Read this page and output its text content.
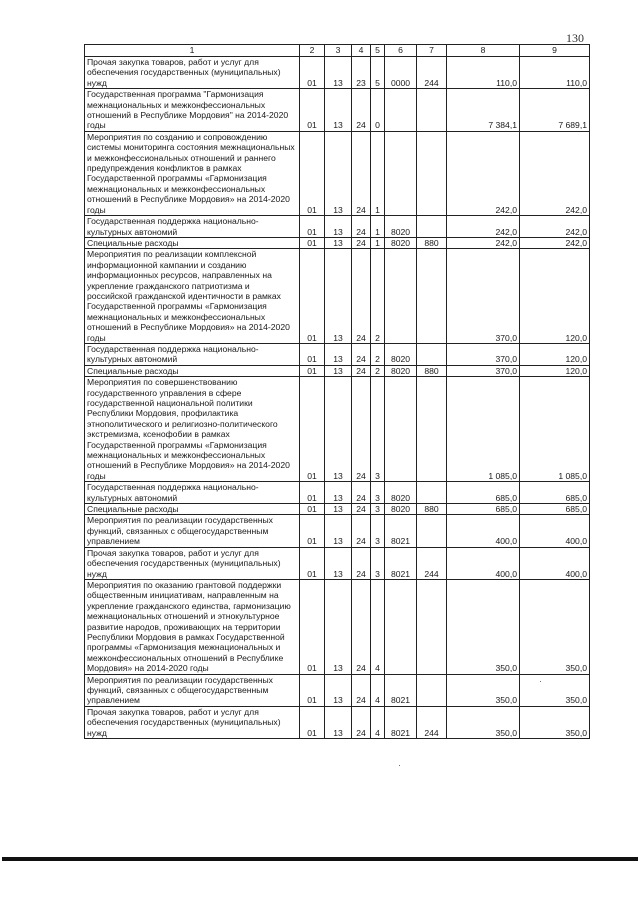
130
1	2	3	4	5	6	7	8	9
Прочая закупка товаров, работ и услуг для обеспечения государственных (муниципальных) нужд	01	13	23	5	0000	244	110,0	110,0
Государственная программа "Гармонизация межнациональных и межконфессиональных отношений в Республике Мордовия" на 2014-2020 годы	01	13	24	0			7 384,1	7 689,1
Мероприятия по созданию и сопровождению системы мониторинга состояния межнациональных и межконфессиональных отношений и раннего предупреждения конфликтов в рамках Государственной программы «Гармонизация межнациональных и межконфессиональных отношений в Республике Мордовия» на 2014-2020 годы	01	13	24	1			242,0	242,0
Государственная поддержка национально-культурных автономий	01	13	24	1	8020		242,0	242,0
Специальные расходы	01	13	24	1	8020	880	242,0	242,0
Мероприятия по реализации комплексной информационной кампании и созданию информационных ресурсов, направленных на укрепление гражданского патриотизма и российской гражданской идентичности в рамках Государственной программы «Гармонизация межнациональных и межконфессиональных отношений в Республике Мордовия» на 2014-2020 годы	01	13	24	2			370,0	120,0
Государственная поддержка национально-культурных автономий	01	13	24	2	8020		370,0	120,0
Специальные расходы	01	13	24	2	8020	880	370,0	120,0
Мероприятия по совершенствованию государственного управления в сфере государственной национальной политики Республики Мордовия, профилактика этнополитического и религиозно-политического экстремизма, ксенофобии в рамках Государственной программы «Гармонизация межнациональных и межконфессиональных отношений в Республике Мордовия» на 2014-2020 годы	01	13	24	3			1 085,0	1 085,0
Государственная поддержка национально-культурных автономий	01	13	24	3	8020		685,0	685,0
Специальные расходы	01	13	24	3	8020	880	685,0	685,0
Мероприятия по реализации государственных функций, связанных с общегосударственным управлением	01	13	24	3	8021		400,0	400,0
Прочая закупка товаров, работ и услуг для обеспечения государственных (муниципальных) нужд	01	13	24	3	8021	244	400,0	400,0
Мероприятия по оказанию грантовой поддержки общественным инициативам, направленным на укрепление гражданского единства, гармонизацию межнациональных отношений и этнокультурное развитие народов, проживающих на территории Республики Мордовия в рамках Государственной программы «Гармонизация межнациональных и межконфессиональных отношений в Республике Мордовия» на 2014-2020 годы	01	13	24	4			350,0	350,0
Мероприятия по реализации государственных функций, связанных с общегосударственным управлением	01	13	24	4	8021		350,0	350,0
Прочая закупка товаров, работ и услуг для обеспечения государственных (муниципальных) нужд	01	13	24	4	8021	244	350,0	350,0
·
·
